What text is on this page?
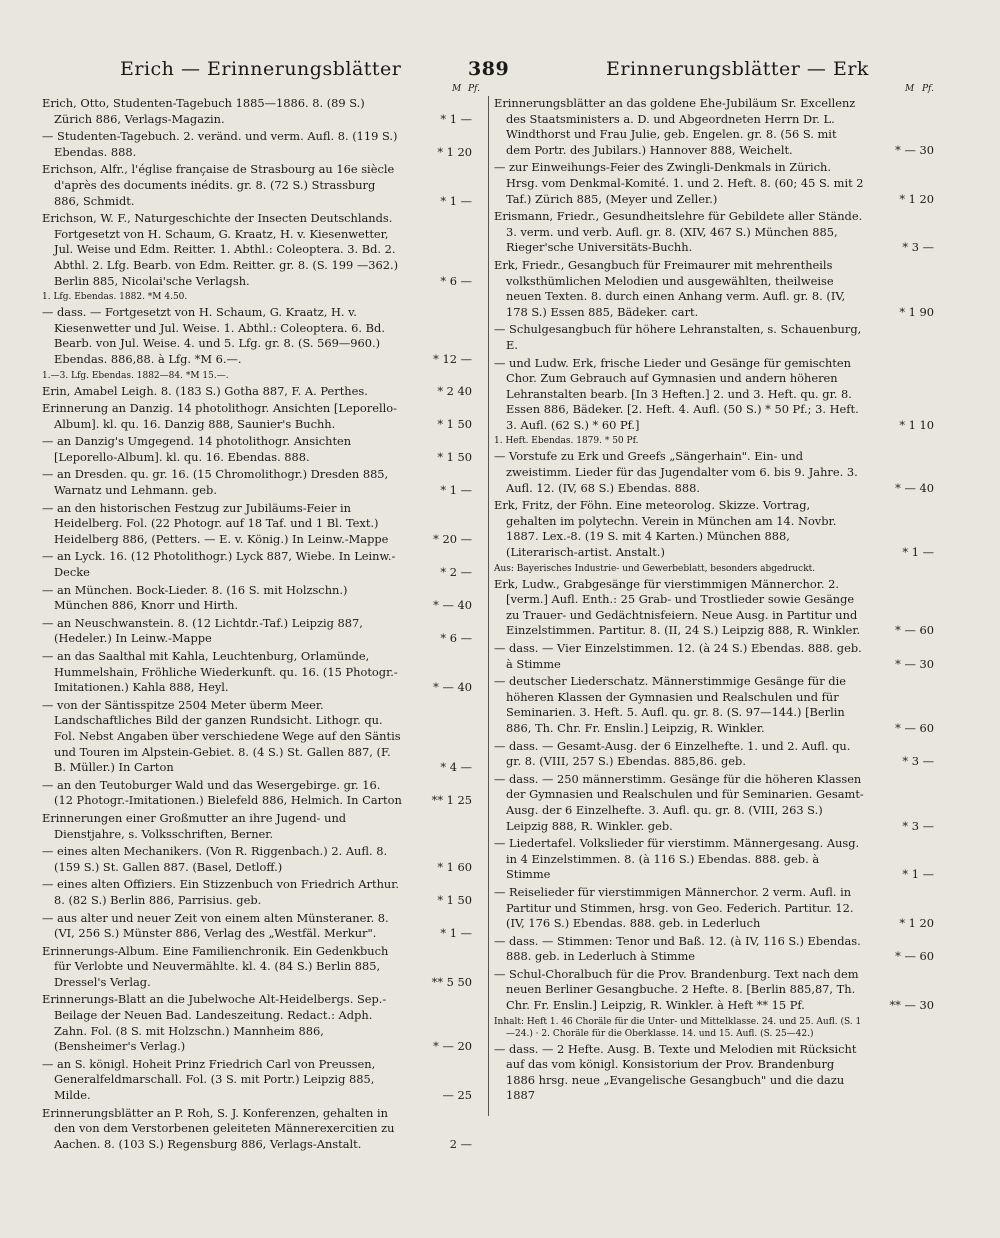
Erich — Erinnerungsblätter	389	Erinnerungsblätter — Erk
M Pf.	M Pf.
Erich, Otto, Studenten-Tagebuch 1885—1886. 8. (89 S.) Zürich 886, Verlags-Magazin.	* 1 —
— Studenten-Tagebuch. 2. veränd. und verm. Aufl. 8. (119 S.) Ebendas. 888.	* 1 20
Erichson, Alfr., l'église française de Strasbourg au 16e siècle d'après des documents inédits. gr. 8. (72 S.) Strassburg 886, Schmidt.	* 1 —
Erichson, W. F., Naturgeschichte der Insecten Deutschlands. Fortgesetzt von H. Schaum, G. Kraatz, H. v. Kiesenwetter, Jul. Weise und Edm. Reitter. 1. Abthl.: Coleoptera. 3. Bd. 2. Abthl. 2. Lfg. Bearb. von Edm. Reitter. gr. 8. (S. 199 —362.) Berlin 885, Nicolai'sche Verlagsh.	* 6 —
1. Lfg. Ebendas. 1882. *M 4.50.
— dass. — Fortgesetzt von H. Schaum, G. Kraatz, H. v. Kiesenwetter und Jul. Weise. 1. Abthl.: Coleoptera. 6. Bd. Bearb. von Jul. Weise. 4. und 5. Lfg. gr. 8. (S. 569—960.) Ebendas. 886,88. à Lfg. *M 6.—.	* 12 —
1.—3. Lfg. Ebendas. 1882—84. *M 15.—.
Erin, Amabel Leigh. 8. (183 S.) Gotha 887, F. A. Perthes.	* 2 40
Erinnerung an Danzig. 14 photolithogr. Ansichten [Leporello-Album]. kl. qu. 16. Danzig 888, Saunier's Buchh.	* 1 50
— an Danzig's Umgegend. 14 photolithogr. Ansichten [Leporello-Album]. kl. qu. 16. Ebendas. 888.	* 1 50
— an Dresden. qu. gr. 16. (15 Chromolithogr.) Dresden 885, Warnatz und Lehmann. geb.	* 1 —
— an den historischen Festzug zur Jubiläums-Feier in Heidelberg. Fol. (22 Photogr. auf 18 Taf. und 1 Bl. Text.) Heidelberg 886, (Petters. — E. v. König.) In Leinw.-Mappe	* 20 —
— an Lyck. 16. (12 Photolithogr.) Lyck 887, Wiebe. In Leinw.-Decke	* 2 —
— an München. Bock-Lieder. 8. (16 S. mit Holzschn.) München 886, Knorr und Hirth.	* — 40
— an Neuschwanstein. 8. (12 Lichtdr.-Taf.) Leipzig 887, (Hedeler.) In Leinw.-Mappe	* 6 —
— an das Saalthal mit Kahla, Leuchtenburg, Orlamünde, Hummelshain, Fröhliche Wiederkunft. qu. 16. (15 Photogr.-Imitationen.) Kahla 888, Heyl.	* — 40
— von der Säntisspitze 2504 Meter überm Meer. Landschaftliches Bild der ganzen Rundsicht. Lithogr. qu. Fol. Nebst Angaben über verschiedene Wege auf den Säntis und Touren im Alpstein-Gebiet. 8. (4 S.) St. Gallen 887, (F. B. Müller.) In Carton	* 4 —
— an den Teutoburger Wald und das Wesergebirge. gr. 16. (12 Photogr.-Imitationen.) Bielefeld 886, Helmich. In Carton	** 1 25
Erinnerungen einer Großmutter an ihre Jugend- und Dienstjahre, s. Volksschriften, Berner.
— eines alten Mechanikers. (Von R. Riggenbach.) 2. Aufl. 8. (159 S.) St. Gallen 887. (Basel, Detloff.)	* 1 60
— eines alten Offiziers. Ein Stizzenbuch von Friedrich Arthur. 8. (82 S.) Berlin 886, Parrisius. geb.	* 1 50
— aus alter und neuer Zeit von einem alten Münsteraner. 8. (VI, 256 S.) Münster 886, Verlag des „Westfäl. Merkur".	* 1 —
Erinnerungs-Album. Eine Familienchronik. Ein Gedenkbuch für Verlobte und Neuvermählte. kl. 4. (84 S.) Berlin 885, Dressel's Verlag.	** 5 50
Erinnerungs-Blatt an die Jubelwoche Alt-Heidelbergs. Sep.-Beilage der Neuen Bad. Landeszeitung. Redact.: Adph. Zahn. Fol. (8 S. mit Holzschn.) Mannheim 886, (Bensheimer's Verlag.)	* — 20
— an S. königl. Hoheit Prinz Friedrich Carl von Preussen, Generalfeldmarschall. Fol. (3 S. mit Portr.) Leipzig 885, Milde.	— 25
Erinnerungsblätter an P. Roh, S. J. Konferenzen, gehalten in den von dem Verstorbenen geleiteten Männerexercitien zu Aachen. 8. (103 S.) Regensburg 886, Verlags-Anstalt.	2 —
Erinnerungsblätter an das goldene Ehe-Jubiläum Sr. Excellenz des Staatsministers a. D. und Abgeordneten Herrn Dr. L. Windthorst und Frau Julie, geb. Engelen. gr. 8. (56 S. mit dem Portr. des Jubilars.) Hannover 888, Weichelt.	* — 30
— zur Einweihungs-Feier des Zwingli-Denkmals in Zürich. Hrsg. vom Denkmal-Komité. 1. und 2. Heft. 8. (60; 45 S. mit 2 Taf.) Zürich 885, (Meyer und Zeller.)	* 1 20
Erismann, Friedr., Gesundheitslehre für Gebildete aller Stände. 3. verm. und verb. Aufl. gr. 8. (XIV, 467 S.) München 885, Rieger'sche Universitäts-Buchh.	* 3 —
Erk, Friedr., Gesangbuch für Freimaurer mit mehrentheils volksthümlichen Melodien und ausgewählten, theilweise neuen Texten. 8. durch einen Anhang verm. Aufl. gr. 8. (IV, 178 S.) Essen 885, Bädeker. cart.	* 1 90
— Schulgesangbuch für höhere Lehranstalten, s. Schauenburg, E.
— und Ludw. Erk, frische Lieder und Gesänge für gemischten Chor. Zum Gebrauch auf Gymnasien und andern höheren Lehranstalten bearb. [In 3 Heften.] 2. und 3. Heft. qu. gr. 8. Essen 886, Bädeker. [2. Heft. 4. Aufl. (50 S.) * 50 Pf.; 3. Heft. 3. Aufl. (62 S.) * 60 Pf.]	* 1 10
1. Heft. Ebendas. 1879. * 50 Pf.
— Vorstufe zu Erk und Greefs „Sängerhain". Ein- und zweistimm. Lieder für das Jugendalter vom 6. bis 9. Jahre. 3. Aufl. 12. (IV, 68 S.) Ebendas. 888.	* — 40
Erk, Fritz, der Föhn. Eine meteorolog. Skizze. Vortrag, gehalten im polytechn. Verein in München am 14. Novbr. 1887. Lex.-8. (19 S. mit 4 Karten.) München 888, (Literarisch-artist. Anstalt.)	* 1 —
Aus: Bayerisches Industrie- und Gewerbeblatt, besonders abgedruckt.
Erk, Ludw., Grabgesänge für vierstimmigen Männerchor. 2. [verm.] Aufl. Enth.: 25 Grab- und Trostlieder sowie Gesänge zu Trauer- und Gedächtnisfeiern. Neue Ausg. in Partitur und Einzelstimmen. Partitur. 8. (II, 24 S.) Leipzig 888, R. Winkler.	* — 60
— dass. — Vier Einzelstimmen. 12. (à 24 S.) Ebendas. 888. geb. à Stimme	* — 30
— deutscher Liederschatz. Männerstimmige Gesänge für die höheren Klassen der Gymnasien und Realschulen und für Seminarien. 3. Heft. 5. Aufl. qu. gr. 8. (S. 97—144.) [Berlin 886, Th. Chr. Fr. Enslin.] Leipzig, R. Winkler.	* — 60
— dass. — Gesamt-Ausg. der 6 Einzelhefte. 1. und 2. Aufl. qu. gr. 8. (VIII, 257 S.) Ebendas. 885,86. geb.	* 3 —
— dass. — 250 männerstimm. Gesänge für die höheren Klassen der Gymnasien und Realschulen und für Seminarien. Gesamt-Ausg. der 6 Einzelhefte. 3. Aufl. qu. gr. 8. (VIII, 263 S.) Leipzig 888, R. Winkler. geb.	* 3 —
— Liedertafel. Volkslieder für vierstimm. Männergesang. Ausg. in 4 Einzelstimmen. 8. (à 116 S.) Ebendas. 888. geb. à Stimme	* 1 —
— Reiselieder für vierstimmigen Männerchor. 2 verm. Aufl. in Partitur und Stimmen, hrsg. von Geo. Federich. Partitur. 12. (IV, 176 S.) Ebendas. 888. geb. in Lederluch	* 1 20
— dass. — Stimmen: Tenor und Baß. 12. (à IV, 116 S.) Ebendas. 888. geb. in Lederluch à Stimme	* — 60
— Schul-Choralbuch für die Prov. Brandenburg. Text nach dem neuen Berliner Gesangbuche. 2 Hefte. 8. [Berlin 885,87, Th. Chr. Fr. Enslin.] Leipzig, R. Winkler. à Heft ** 15 Pf.	** — 30
Inhalt: Heft 1. 46 Choräle für die Unter- und Mittelklasse. 24. und 25. Aufl. (S. 1—24.) · 2. Choräle für die Oberklasse. 14. und 15. Aufl. (S. 25—42.)
— dass. — 2 Hefte. Ausg. B. Texte und Melodien mit Rücksicht auf das vom königl. Konsistorium der Prov. Brandenburg 1886 hrsg. neue „Evangelische Gesangbuch" und die dazu 1887
